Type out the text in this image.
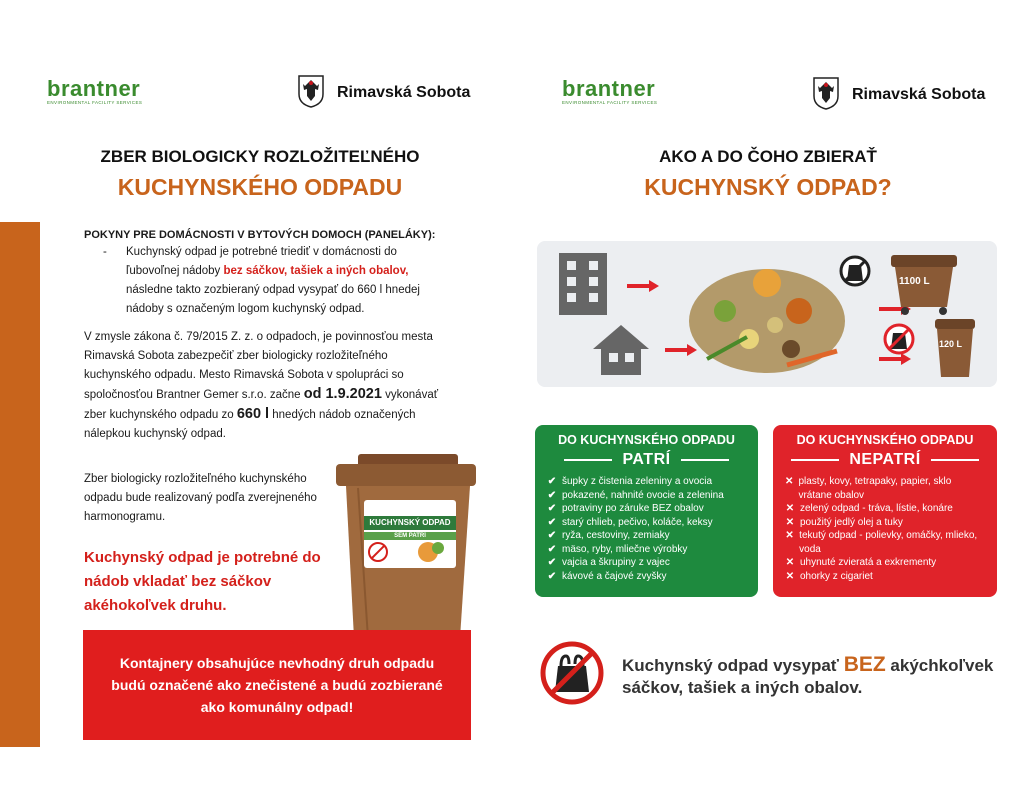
brantner
ENVIRONMENTAL FACILITY SERVICES
Rimavská Sobota	brantner
ENVIRONMENTAL FACILITY SERVICES	Rimavská Sobota
ZBER BIOLOGICKY ROZLOŽITEĽNÉHO
KUCHYNSKÉHO ODPADU
POKYNY PRE DOMÁCNOSTI V BYTOVÝCH DOMOCH (PANELÁKY):
- Kuchynský odpad je potrebné triediť v domácnosti do ľubovoľnej nádoby bez sáčkov, tašiek a iných obalov, následne takto zozbieraný odpad vysypať do 660 l hnedej nádoby s označeným logom kuchynský odpad.

V zmysle zákona č. 79/2015 Z. z. o odpadoch, je povinnosťou mesta Rimavská Sobota zabezpečiť zber biologicky rozložiteľného kuchynského odpadu. Mesto Rimavská Sobota v spolupráci so spoločnosťou Brantner Gemer s.r.o. začne od 1.9.2021 vykonávať zber kuchynského odpadu zo 660 l hnedých nádob označených nálepkou kuchynský odpad.

Zber biologicky rozložiteľného kuchynského odpadu bude realizovaný podľa zverejneného harmonogramu.

Kuchynský odpad je potrebné do nádob vkladať bez sáčkov akéhokoľvek druhu.

KUCHYNSKÝ ODPAD
SEM PATRÍ
Kontajnery obsahujúce nevhodný druh odpadu budú označené ako znečistené a budú zozbierané ako komunálny odpad!
AKO A DO ČOHO ZBIERAŤ
KUCHYNSKÝ ODPAD?
1100 L
120 L
DO KUCHYNSKÉHO ODPADU
PATRÍ
✔ šupky z čistenia zeleniny a ovocia
✔ pokazené, nahnité ovocie a zelenina
✔ potraviny po záruke BEZ obalov
✔ starý chlieb, pečivo, koláče, keksy
✔ ryža, cestoviny, zemiaky
✔ mäso, ryby, mliečne výrobky
✔ vajcia a škrupiny z vajec
✔ kávové a čajové zvyšky
DO KUCHYNSKÉHO ODPADU
NEPATRÍ
✕ plasty, kovy, tetrapaky, papier, sklo vrátane obalov
✕ zelený odpad - tráva, lístie, konáre
✕ použitý jedlý olej a tuky
✕ tekutý odpad - polievky, omáčky, mlieko, voda
✕ uhynuté zvieratá a exkrementy
✕ ohorky z cigariet
Kuchynský odpad vysypať BEZ akýchkoľvek
sáčkov, tašiek a iných obalov.
